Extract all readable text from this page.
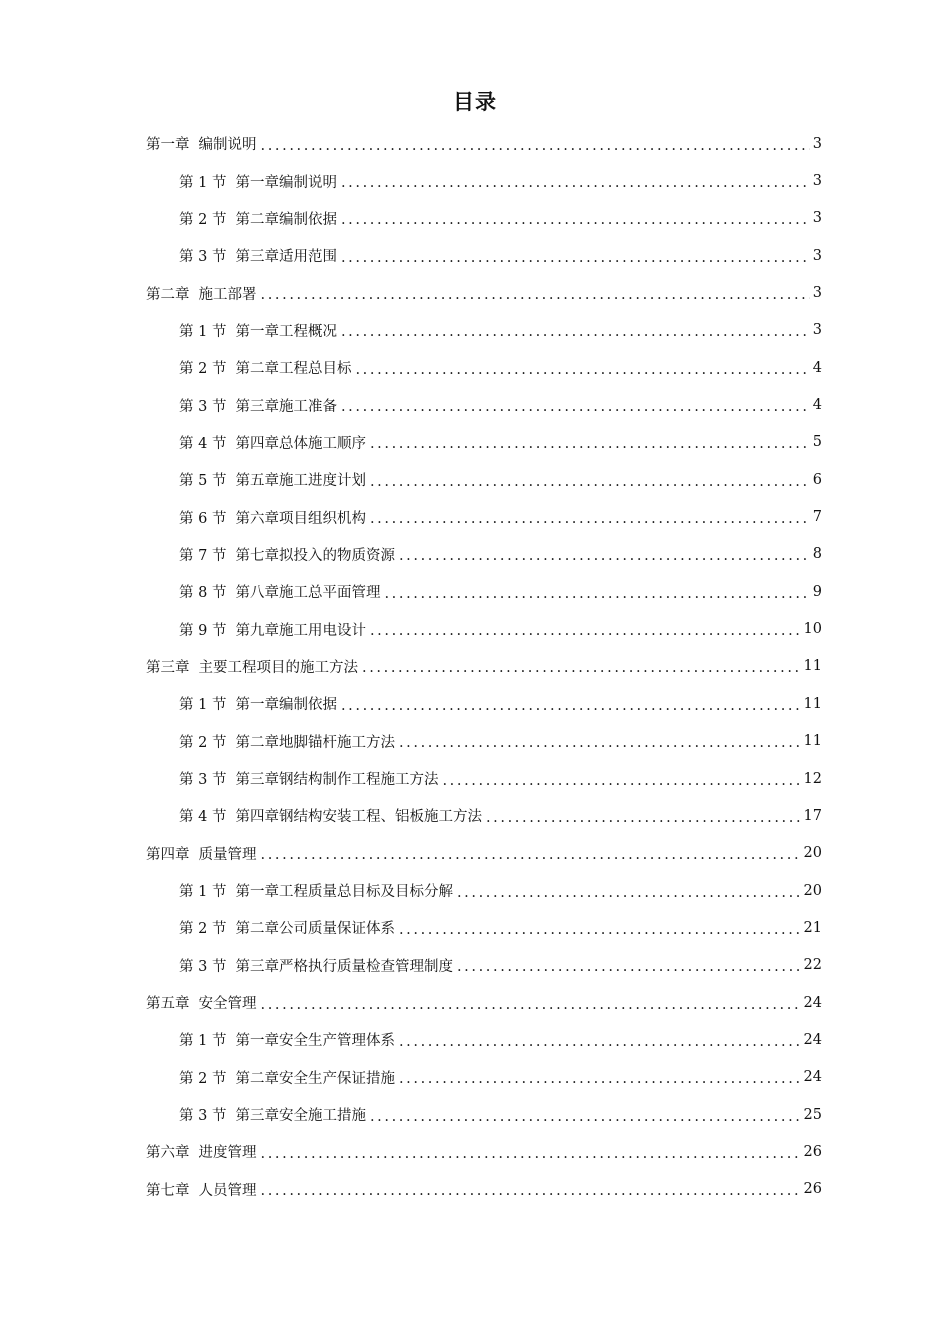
目录
第一章 编制说明 .....	3
第 1 节 第一章编制说明 .....	3
第 2 节 第二章编制依据 .....	3
第 3 节 第三章适用范围 .....	3
第二章 施工部署 .....	3
第 1 节 第一章工程概况 .....	3
第 2 节 第二章工程总目标 .....	4
第 3 节 第三章施工准备 .....	4
第 4 节 第四章总体施工顺序 .....	5
第 5 节 第五章施工进度计划 .....	6
第 6 节 第六章项目组织机构 .....	7
第 7 节 第七章拟投入的物质资源 .....	8
第 8 节 第八章施工总平面管理 .....	9
第 9 节 第九章施工用电设计 .....	10
第三章 主要工程项目的施工方法 .....	11
第 1 节 第一章编制依据 .....	11
第 2 节 第二章地脚锚杆施工方法 .....	11
第 3 节 第三章钢结构制作工程施工方法 .....	12
第 4 节 第四章钢结构安装工程、铝板施工方法 .....	17
第四章 质量管理 .....	20
第 1 节 第一章工程质量总目标及目标分解 .....	20
第 2 节 第二章公司质量保证体系 .....	21
第 3 节 第三章严格执行质量检查管理制度 .....	22
第五章 安全管理 .....	24
第 1 节 第一章安全生产管理体系 .....	24
第 2 节 第二章安全生产保证措施 .....	24
第 3 节 第三章安全施工措施 .....	25
第六章 进度管理 .....	26
第七章 人员管理 .....	26
